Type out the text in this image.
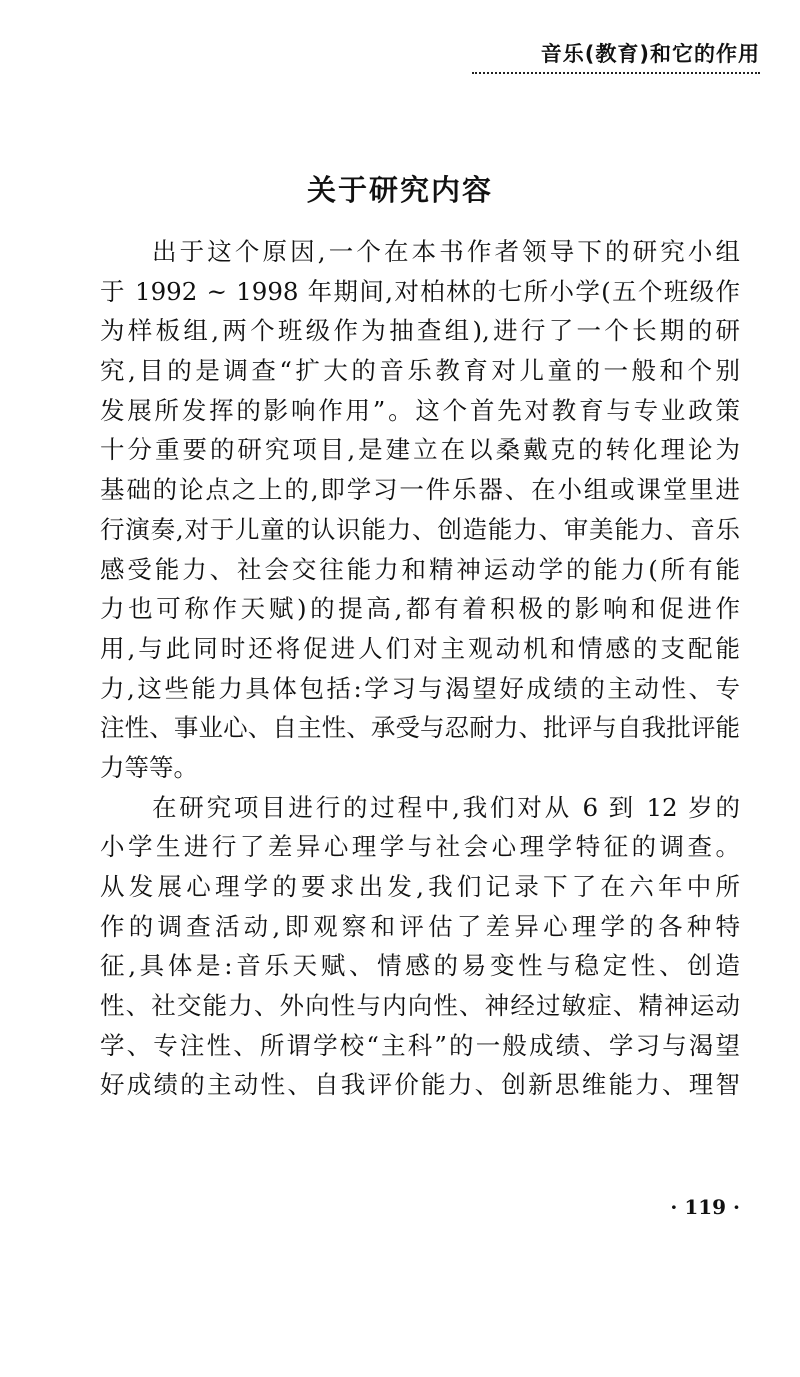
音乐(教育)和它的作用
关于研究内容
出于这个原因,一个在本书作者领导下的研究小组
于 1992 ~ 1998 年期间,对柏林的七所小学(五个班级作
为样板组,两个班级作为抽查组),进行了一个长期的研
究,目的是调查“扩大的音乐教育对儿童的一般和个别
发展所发挥的影响作用”。这个首先对教育与专业政策
十分重要的研究项目,是建立在以桑戴克的转化理论为
基础的论点之上的,即学习一件乐器、在小组或课堂里进
行演奏,对于儿童的认识能力、创造能力、审美能力、音乐
感受能力、社会交往能力和精神运动学的能力(所有能
力也可称作天赋)的提高,都有着积极的影响和促进作
用,与此同时还将促进人们对主观动机和情感的支配能
力,这些能力具体包括:学习与渴望好成绩的主动性、专
注性、事业心、自主性、承受与忍耐力、批评与自我批评能
力等等。
在研究项目进行的过程中,我们对从 6 到 12 岁的
小学生进行了差异心理学与社会心理学特征的调查。
从发展心理学的要求出发,我们记录下了在六年中所
作的调查活动,即观察和评估了差异心理学的各种特
征,具体是:音乐天赋、情感的易变性与稳定性、创造
性、社交能力、外向性与内向性、神经过敏症、精神运动
学、专注性、所谓学校“主科”的一般成绩、学习与渴望
好成绩的主动性、自我评价能力、创新思维能力、理智
· 119 ·
